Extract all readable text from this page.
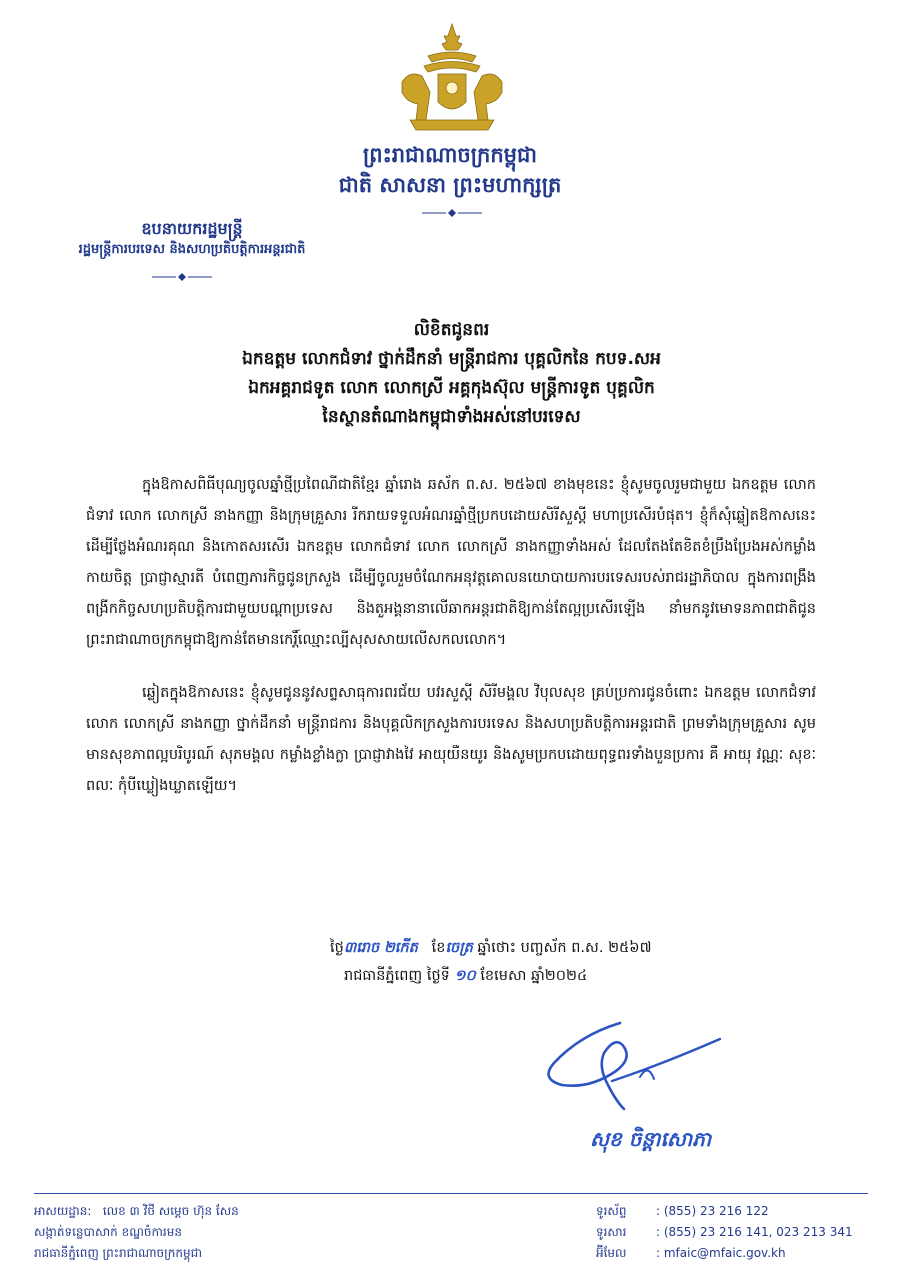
ព្រះរាជាណាចក្រកម្ពុជា
ជាតិ សាសនា ព្រះមហាក្សត្រ
ឧបនាយករដ្ឋមន្ត្រី
រដ្ឋមន្ត្រីការបរទេស និងសហប្រតិបត្តិការអន្តរជាតិ
លិខិតជូនពរ
ឯកឧត្តម លោកជំទាវ ថ្នាក់ដឹកនាំ មន្ត្រីរាជការ បុគ្គលិកនៃ កបទ.សអ
ឯកអគ្គរាជទូត លោក លោកស្រី អគ្គកុងស៊ុល មន្ត្រីការទូត បុគ្គលិក
នៃស្ថានតំណាងកម្ពុជាទាំងអស់នៅបរទេស

ក្នុងឱកាសពិធីបុណ្យចូលឆ្នាំថ្មីប្រពៃណីជាតិខ្មែរ ឆ្នាំរោង ឆស័ក ព.ស. ២៥៦៧ ខាងមុខនេះ ខ្ញុំសូមចូលរួមជាមួយ ឯកឧត្តម លោកជំទាវ លោក លោកស្រី នាងកញ្ញា និងក្រុមគ្រួសារ រីករាយទទួលអំណរឆ្នាំថ្មីប្រកបដោយសិរីសួស្តី មហាប្រសើរបំផុត។ ខ្ញុំក៏សុំឆ្លៀតឱកាសនេះ ដើម្បីថ្លែងអំណរគុណ និងកោតសរសើរ ឯកឧត្តម លោកជំទាវ លោក លោកស្រី នាងកញ្ញាទាំងអស់ ដែលតែងតែខិតខំប្រឹងប្រែងអស់កម្លាំងកាយចិត្ត ប្រាជ្ញាស្មារតី បំពេញភារកិច្ចជូនក្រសួង ដើម្បីចូលរួមចំណែកអនុវត្តគោលនយោបាយការបរទេសរបស់រាជរដ្ឋាភិបាល ក្នុងការពង្រឹងពង្រីកកិច្ចសហប្រតិបត្តិការជាមួយបណ្តាប្រទេស និងតួអង្គនានាលើឆាកអន្តរជាតិឱ្យកាន់តែល្អប្រសើរឡើង នាំមកនូវមោទនភាពជាតិជូនព្រះរាជាណាចក្រកម្ពុជាឱ្យកាន់តែមានកេរ្តិ៍ឈ្មោះល្បីសុសសាយលើសកលលោក។

ឆ្លៀតក្នុងឱកាសនេះ ខ្ញុំសូមជូននូវសព្ទសាធុការពរជ័យ បវរសួស្តី សិរីមង្គល វិបុលសុខ គ្រប់ប្រការជូនចំពោះ ឯកឧត្តម លោកជំទាវ លោក លោកស្រី នាងកញ្ញា ថ្នាក់ដឹកនាំ មន្ត្រីរាជការ និងបុគ្គលិកក្រសួងការបរទេស និងសហប្រតិបត្តិការអន្តរជាតិ ព្រមទាំងក្រុមគ្រួសារ សូមមានសុខភាពល្អបរិបូរណ៍ សុភមង្គល កម្លាំងខ្លាំងក្លា ប្រាជ្ញាវាងវៃ អាយុយឺនយូរ និងសូមប្រកបដោយពុទ្ធពរទាំងបួនប្រការ គឺ អាយុ វណ្ណៈ សុខៈ ពលៈ កុំបីឃ្លៀងឃ្លាតឡើយ។

ថ្ងៃ៣រោច ២កើត ខែចេត្រ ឆ្នាំថោះ បញ្ចស័ក ព.ស. ២៥៦៧
រាជធានីភ្នំពេញ ថ្ងៃទី ១០ ខែមេសា ឆ្នាំ២០២៤
សុខ ចិន្ដាសោភា
អាសយដ្ឋាន: លេខ ៣ វិថី សម្តេច ហ៊ុន សែន
សង្កាត់ទន្លេបាសាក់ ខណ្ឌចំការមន
រាជធានីភ្នំពេញ ព្រះរាជាណាចក្រកម្ពុជា
ទូរស័ព្ទ : (855) 23 216 122
ទូរសារ : (855) 23 216 141, 023 213 341
អ៊ីមែល : mfaic@mfaic.gov.kh
